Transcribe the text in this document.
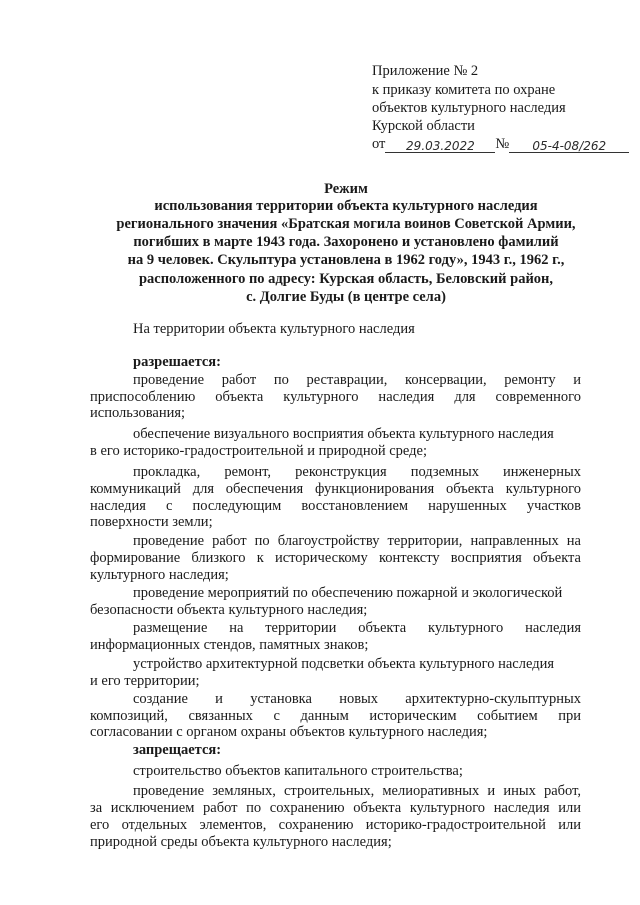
Приложение № 2
к приказу комитета по охране
объектов культурного наследия
Курской области
от 29.03.2022 № 05-4-08/262
Режим
использования территории объекта культурного наследия
регионального значения «Братская могила воинов Советской Армии,
погибших в марте 1943 года. Захоронено и установлено фамилий
на 9 человек. Скульптура установлена в 1962 году», 1943 г., 1962 г.,
расположенного по адресу: Курская область, Беловский район,
с. Долгие Буды (в центре села)
На территории объекта культурного наследия
разрешается:
проведение работ по реставрации, консервации, ремонту и
приспособлению объекта культурного наследия для современного
использования;
обеспечение визуального восприятия объекта культурного наследия
в его историко-градостроительной и природной среде;
прокладка, ремонт, реконструкция подземных инженерных
коммуникаций для обеспечения функционирования объекта культурного
наследия с последующим восстановлением нарушенных участков
поверхности земли;
проведение работ по благоустройству территории, направленных на
формирование близкого к историческому контексту восприятия объекта
культурного наследия;
проведение мероприятий по обеспечению пожарной и экологической
безопасности объекта культурного наследия;
размещение на территории объекта культурного наследия
информационных стендов, памятных знаков;
устройство архитектурной подсветки объекта культурного наследия
и его территории;
создание и установка новых архитектурно-скульптурных
композиций, связанных с данным историческим событием при
согласовании с органом охраны объектов культурного наследия;
запрещается:
строительство объектов капитального строительства;
проведение земляных, строительных, мелиоративных и иных работ,
за исключением работ по сохранению объекта культурного наследия или
его отдельных элементов, сохранению историко-градостроительной или
природной среды объекта культурного наследия;
